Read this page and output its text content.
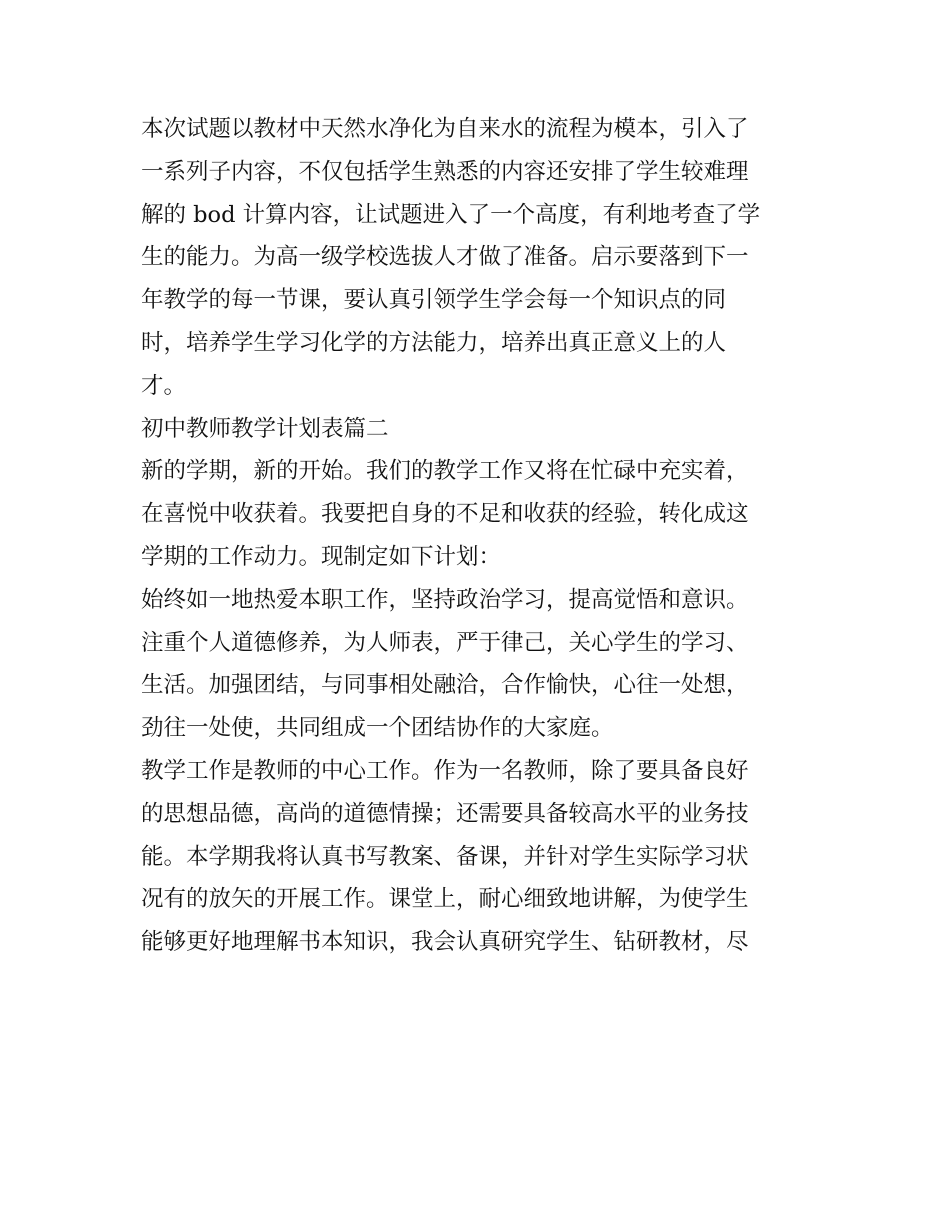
本次试题以教材中天然水净化为自来水的流程为模本，引入了
一系列子内容，不仅包括学生熟悉的内容还安排了学生较难理
解的 bod 计算内容，让试题进入了一个高度，有利地考查了学
生的能力。为高一级学校选拔人才做了准备。启示要落到下一
年教学的每一节课，要认真引领学生学会每一个知识点的同
时，培养学生学习化学的方法能力，培养出真正意义上的人
才。
初中教师教学计划表篇二
新的学期，新的开始。我们的教学工作又将在忙碌中充实着，
在喜悦中收获着。我要把自身的不足和收获的经验，转化成这
学期的工作动力。现制定如下计划：
始终如一地热爱本职工作，坚持政治学习，提高觉悟和意识。
注重个人道德修养，为人师表，严于律己，关心学生的学习、
生活。加强团结，与同事相处融洽，合作愉快，心往一处想，
劲往一处使，共同组成一个团结协作的大家庭。
教学工作是教师的中心工作。作为一名教师，除了要具备良好
的思想品德，高尚的道德情操；还需要具备较高水平的业务技
能。本学期我将认真书写教案、备课，并针对学生实际学习状
况有的放矢的开展工作。课堂上，耐心细致地讲解，为使学生
能够更好地理解书本知识，我会认真研究学生、钻研教材，尽
